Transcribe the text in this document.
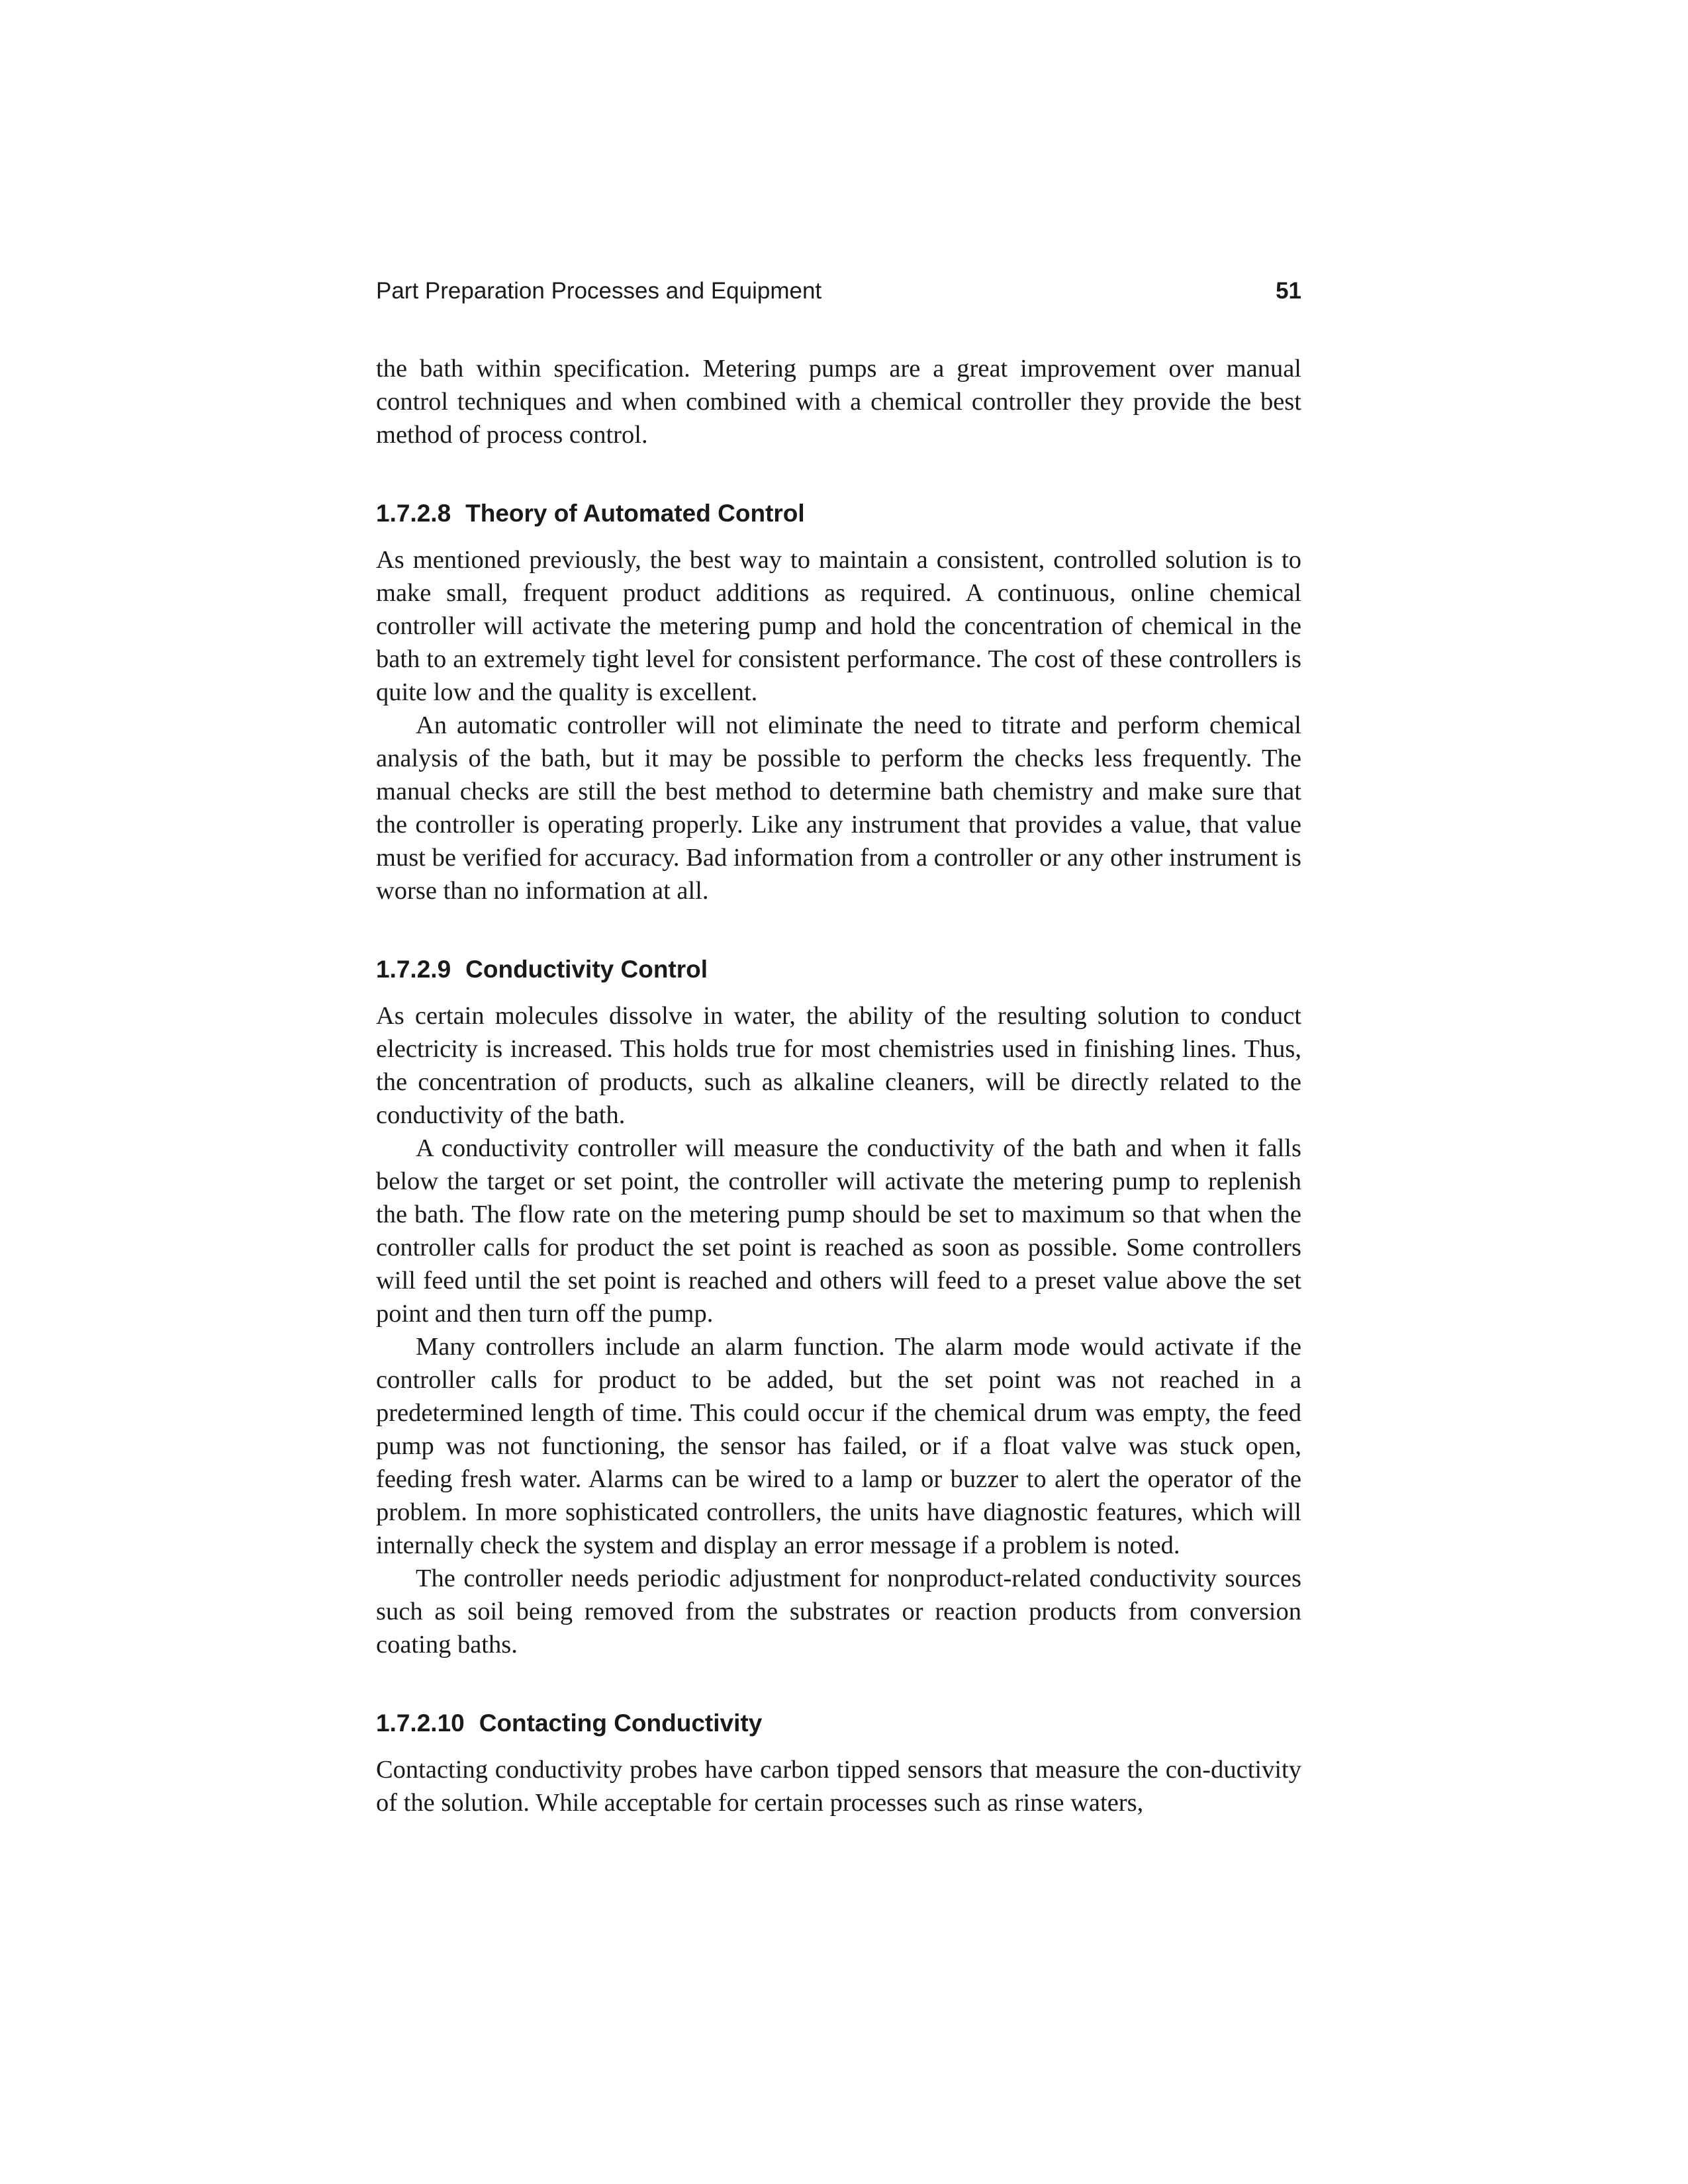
Part Preparation Processes and Equipment	51

the bath within specification. Metering pumps are a great improvement over manual control techniques and when combined with a chemical controller they provide the best method of process control.

1.7.2.8 Theory of Automated Control

As mentioned previously, the best way to maintain a consistent, controlled solution is to make small, frequent product additions as required. A continuous, online chemical controller will activate the metering pump and hold the concentration of chemical in the bath to an extremely tight level for consistent performance. The cost of these controllers is quite low and the quality is excellent.

An automatic controller will not eliminate the need to titrate and perform chemical analysis of the bath, but it may be possible to perform the checks less frequently. The manual checks are still the best method to determine bath chemistry and make sure that the controller is operating properly. Like any instrument that provides a value, that value must be verified for accuracy. Bad information from a controller or any other instrument is worse than no information at all.

1.7.2.9 Conductivity Control

As certain molecules dissolve in water, the ability of the resulting solution to conduct electricity is increased. This holds true for most chemistries used in finishing lines. Thus, the concentration of products, such as alkaline cleaners, will be directly related to the conductivity of the bath.

A conductivity controller will measure the conductivity of the bath and when it falls below the target or set point, the controller will activate the metering pump to replenish the bath. The flow rate on the metering pump should be set to maximum so that when the controller calls for product the set point is reached as soon as possible. Some controllers will feed until the set point is reached and others will feed to a preset value above the set point and then turn off the pump.

Many controllers include an alarm function. The alarm mode would activate if the controller calls for product to be added, but the set point was not reached in a predetermined length of time. This could occur if the chemical drum was empty, the feed pump was not functioning, the sensor has failed, or if a float valve was stuck open, feeding fresh water. Alarms can be wired to a lamp or buzzer to alert the operator of the problem. In more sophisticated controllers, the units have diagnostic features, which will internally check the system and display an error message if a problem is noted.

The controller needs periodic adjustment for nonproduct-related conductivity sources such as soil being removed from the substrates or reaction products from conversion coating baths.

1.7.2.10 Contacting Conductivity

Contacting conductivity probes have carbon tipped sensors that measure the con-ductivity of the solution. While acceptable for certain processes such as rinse waters,
